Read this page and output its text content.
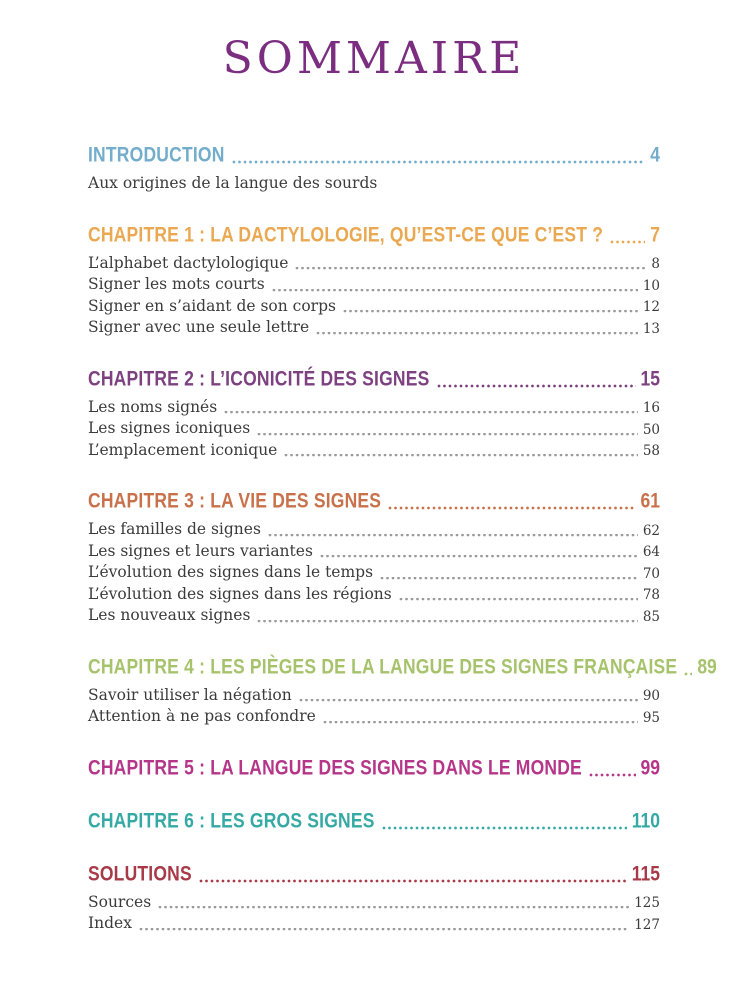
SOMMAIRE
INTRODUCTION	4
Aux origines de la langue des sourds
CHAPITRE 1 : LA DACTYLOLOGIE, QU’EST-CE QUE C’EST ?	7
L’alphabet dactylologique	8
Signer les mots courts	10
Signer en s’aidant de son corps	12
Signer avec une seule lettre	13
CHAPITRE 2 : L’ICONICITÉ DES SIGNES	15
Les noms signés	16
Les signes iconiques	50
L’emplacement iconique	58
CHAPITRE 3 : LA VIE DES SIGNES	61
Les familles de signes	62
Les signes et leurs variantes	64
L’évolution des signes dans le temps	70
L’évolution des signes dans les régions	78
Les nouveaux signes	85
CHAPITRE 4 : LES PIÈGES DE LA LANGUE DES SIGNES FRANÇAISE 89
Savoir utiliser la négation	90
Attention à ne pas confondre	95
CHAPITRE 5 : LA LANGUE DES SIGNES DANS LE MONDE	99
CHAPITRE 6 : LES GROS SIGNES	110
SOLUTIONS	115
Sources	125
Index	127
